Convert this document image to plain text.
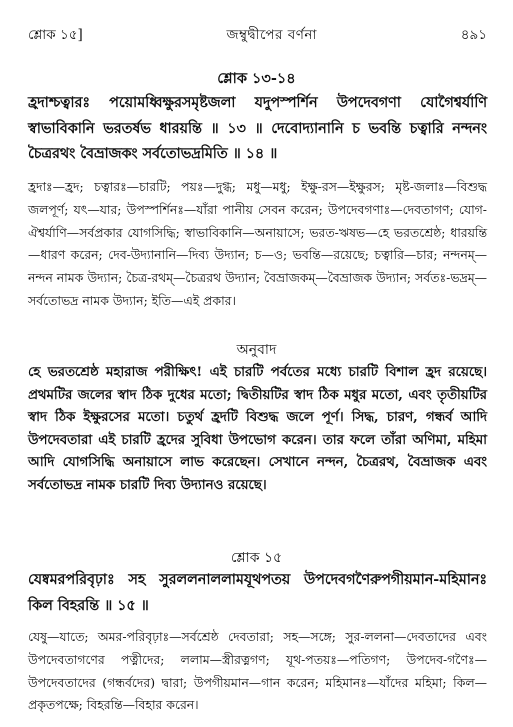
শ্লোক ১৫]	জম্বুদ্বীপের বর্ণনা	৪৯১
শ্লোক ১৩-১৪
হ্রদাশ্চত্বারঃ পয়োমধ্বিক্ষুরসমৃষ্টজলা যদুপস্পর্শিন উপদেবগণা যোগৈশ্বর্যাণি স্বাভাবিকানি ভরতর্ষভ ধারয়ন্তি ॥ ১৩ ॥ দেবোদ্যানানি চ ভবন্তি চত্বারি নন্দনং চৈত্ররথং বৈভ্রাজকং সর্বতোভদ্রমিতি ॥ ১৪ ॥
হ্রদাঃ—হ্রদ; চত্বারঃ—চারটি; পয়ঃ—দুগ্ধ; মধু—মধু; ইক্ষু-রস—ইক্ষুরস; মৃষ্ট-জলাঃ—বিশুদ্ধ জলপূর্ণ; যৎ—যার; উপস্পর্শিনঃ—যাঁরা পানীয় সেবন করেন; উপদেবগণাঃ—দেবতাগণ; যোগ-ঐশ্বর্যাণি—সর্বপ্রকার যোগসিদ্ধি; স্বাভাবিকানি—অনায়াসে; ভরত-ঋষভ—হে ভরতশ্রেষ্ঠ; ধারয়ন্তি—ধারণ করেন; দেব-উদ্যানানি—দিব্য উদ্যান; চ—ও; ভবন্তি—রয়েছে; চত্বারি—চার; নন্দনম্—নন্দন নামক উদ্যান; চৈত্র-রথম্—চৈত্ররথ উদ্যান; বৈভ্রাজকম্—বৈভ্রাজক উদ্যান; সর্বতঃ-ভদ্রম্—সর্বতোভদ্র নামক উদ্যান; ইতি—এই প্রকার।
অনুবাদ
হে ভরতশ্রেষ্ঠ মহারাজ পরীক্ষিৎ! এই চারটি পর্বতের মধ্যে চারটি বিশাল হ্রদ রয়েছে। প্রথমটির জলের স্বাদ ঠিক দুধের মতো; দ্বিতীয়টির স্বাদ ঠিক মধুর মতো, এবং তৃতীয়টির স্বাদ ঠিক ইক্ষুরসের মতো। চতুর্থ হ্রদটি বিশুদ্ধ জলে পূর্ণ। সিদ্ধ, চারণ, গন্ধর্ব আদি উপদেবতারা এই চারটি হ্রদের সুবিধা উপভোগ করেন। তার ফলে তাঁরা অণিমা, মহিমা আদি যোগসিদ্ধি অনায়াসে লাভ করেছেন। সেখানে নন্দন, চৈত্ররথ, বৈভ্রাজক এবং সর্বতোভদ্র নামক চারটি দিব্য উদ্যানও রয়েছে।
শ্লোক ১৫
যেষ্বমরপরিবৃঢ়াঃ সহ সুরললনাললামযূথপতয় উপদেবগণৈরুপগীয়মান-মহিমানঃ কিল বিহরন্তি ॥ ১৫ ॥
যেষু—যাতে; অমর-পরিবৃঢ়াঃ—সর্বশ্রেষ্ঠ দেবতারা; সহ—সঙ্গে; সুর-ললনা—দেবতাদের এবং উপদেবতাগণের পত্নীদের; ললাম—স্ত্রীরত্নগণ; যূথ-পতয়ঃ—পতিগণ; উপদেব-গণৈঃ—উপদেবতাদের (গন্ধর্বদের) দ্বারা; উপগীয়মান—গান করেন; মহিমানঃ—যাঁদের মহিমা; কিল—প্রকৃতপক্ষে; বিহরন্তি—বিহার করেন।
